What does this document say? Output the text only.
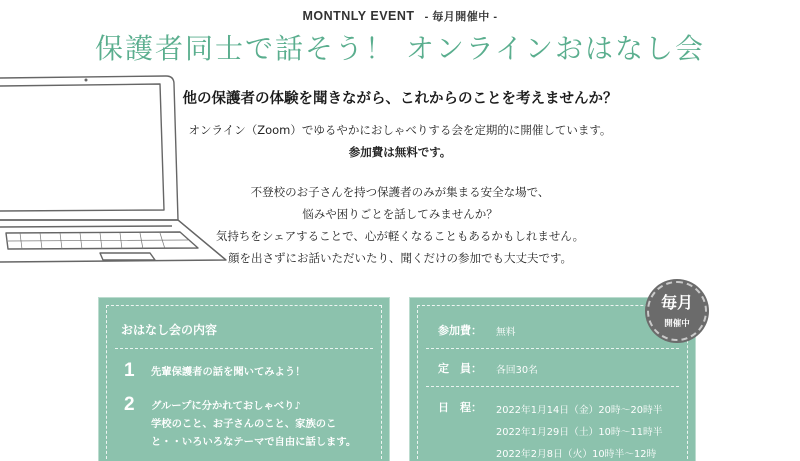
MONTNLY EVENT - 毎月開催中 -
保護者同士で話そう！ オンラインおはなし会
他の保護者の体験を聞きながら、これからのことを考えませんか？
オンライン（Zoom）でゆるやかにおしゃべりする会を定期的に開催しています。
参加費は無料です。
不登校のお子さんを持つ保護者のみが集まる安全な場で、
悩みや困りごとを話してみませんか？
気持ちをシェアすることで、心が軽くなることもあるかもしれません。
顔を出さずにお話いただいたり、聞くだけの参加でも大丈夫です。
おはなし会の内容
1 先輩保護者の話を聞いてみよう！
2 グループに分かれておしゃべり♪
学校のこと、お子さんのこと、家族のこ
と・・いろいろなテーマで自由に話します。
参加費：	無料
定　員：	各回30名
日　程：	2022年1月14日（金）20時〜20時半
2022年1月29日（土）10時〜11時半
2022年2月8日（火）10時半〜12時
毎月
開催中
